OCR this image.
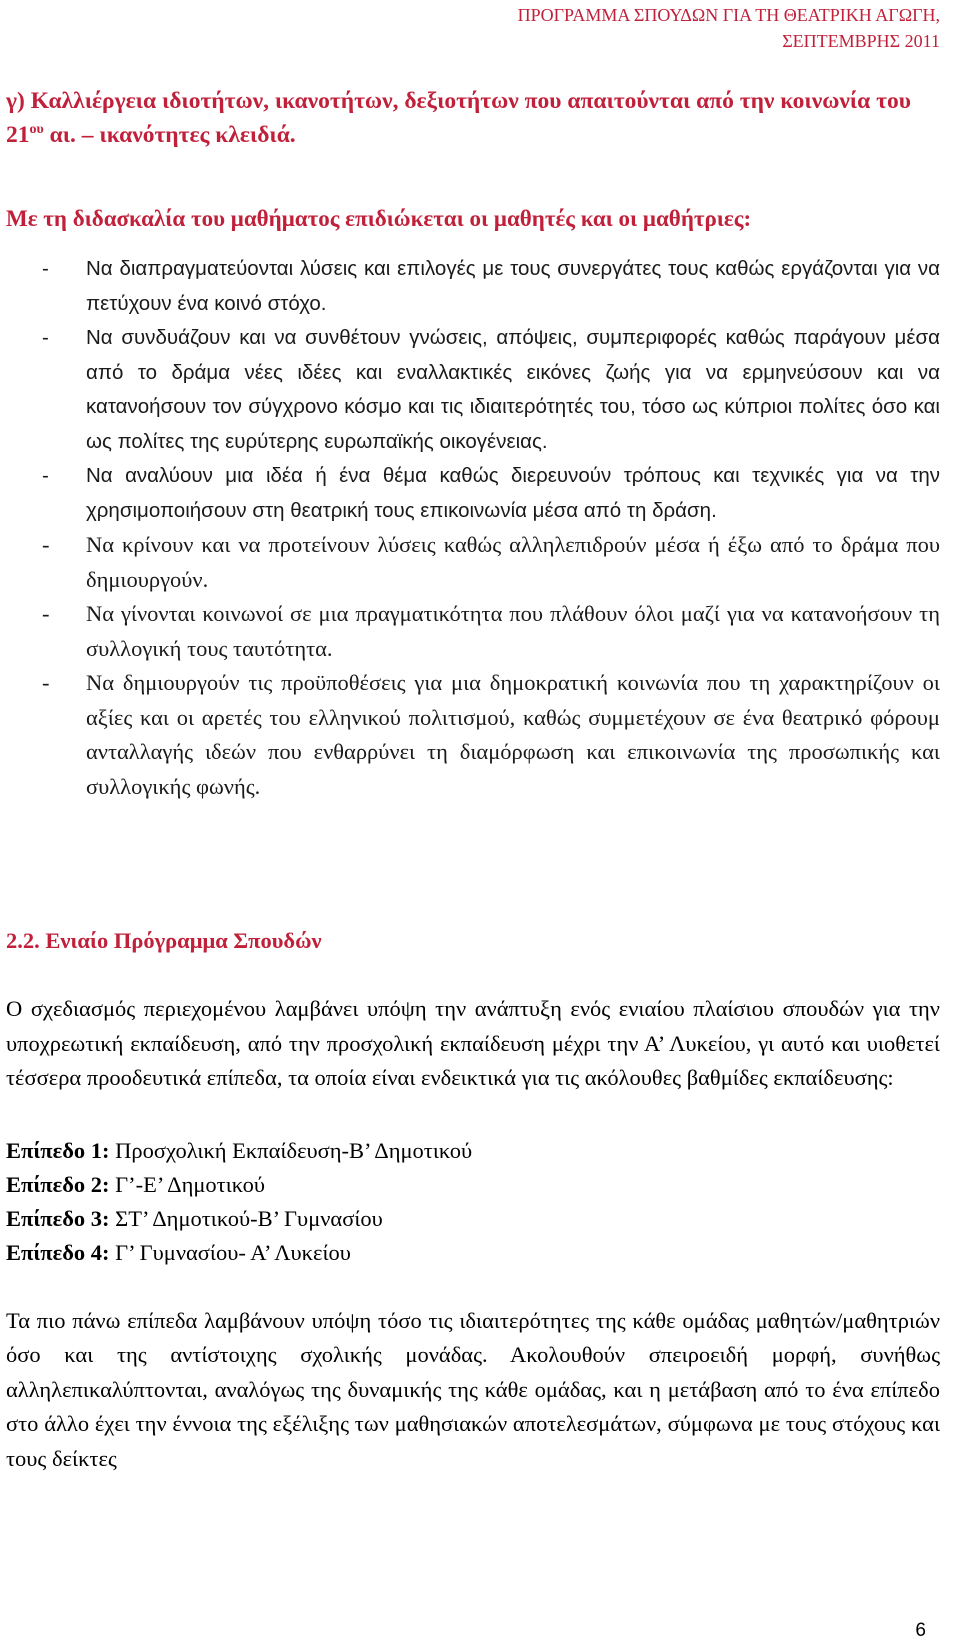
ΠΡΟΓΡΑΜΜΑ ΣΠΟΥΔΩΝ ΓΙΑ ΤΗ ΘΕΑΤΡΙΚΗ ΑΓΩΓΗ,
ΣΕΠΤΕΜΒΡΗΣ 2011

γ) Καλλιέργεια ιδιοτήτων, ικανοτήτων, δεξιοτήτων που απαιτούνται από την κοινωνία του $21^{o\upsilon}$ αι. – ικανότητες κλειδιά.

Με τη διδασκαλία του μαθήματος επιδιώκεται οι μαθητές και οι μαθήτριες:

- Να διαπραγματεύονται λύσεις και επιλογές με τους συνεργάτες τους καθώς εργάζονται για να πετύχουν ένα κοινό στόχο.
- Να συνδυάζουν και να συνθέτουν γνώσεις, απόψεις, συμπεριφορές καθώς παράγουν μέσα από το δράμα νέες ιδέες και εναλλακτικές εικόνες ζωής για να ερμηνεύσουν και να κατανοήσουν τον σύγχρονο κόσμο και τις ιδιαιτερότητές του, τόσο ως κύπριοι πολίτες όσο και ως πολίτες της ευρύτερης ευρωπαϊκής οικογένειας.
- Να αναλύουν μια ιδέα ή ένα θέμα καθώς διερευνούν τρόπους και τεχνικές για να την χρησιμοποιήσουν στη θεατρική τους επικοινωνία μέσα από τη δράση.
- Να κρίνουν και να προτείνουν λύσεις καθώς αλληλεπιδρούν μέσα ή έξω από το δράμα που δημιουργούν.
- Να γίνονται κοινωνοί σε μια πραγματικότητα που πλάθουν όλοι μαζί για να κατανοήσουν τη συλλογική τους ταυτότητα.
- Να δημιουργούν τις προϋποθέσεις για μια δημοκρατική κοινωνία που τη χαρακτηρίζουν οι αξίες και οι αρετές του ελληνικού πολιτισμού, καθώς συμμετέχουν σε ένα θεατρικό φόρουμ ανταλλαγής ιδεών που ενθαρρύνει τη διαμόρφωση και επικοινωνία της προσωπικής και συλλογικής φωνής.

2.2. Ενιαίο Πρόγραμμα Σπουδών

Ο σχεδιασμός περιεχομένου λαμβάνει υπόψη την ανάπτυξη ενός ενιαίου πλαίσιου σπουδών για την υποχρεωτική εκπαίδευση, από την προσχολική εκπαίδευση μέχρι την Α’ Λυκείου, γι αυτό και υιοθετεί τέσσερα προοδευτικά επίπεδα, τα οποία είναι ενδεικτικά για τις ακόλουθες βαθμίδες εκπαίδευσης:

Επίπεδο 1: Προσχολική Εκπαίδευση-Β’ Δημοτικού
Επίπεδο 2: Γ’-Ε’ Δημοτικού
Επίπεδο 3: ΣΤ’ Δημοτικού-Β’ Γυμνασίου
Επίπεδο 4: Γ’ Γυμνασίου- Α’ Λυκείου

Τα πιο πάνω επίπεδα λαμβάνουν υπόψη τόσο τις ιδιαιτερότητες της κάθε ομάδας μαθητών/μαθητριών όσο και της αντίστοιχης σχολικής μονάδας. Ακολουθούν σπειροειδή μορφή, συνήθως αλληλεπικαλύπτονται, αναλόγως της δυναμικής της κάθε ομάδας, και η μετάβαση από το ένα επίπεδο στο άλλο έχει την έννοια της εξέλιξης των μαθησιακών αποτελεσμάτων, σύμφωνα με τους στόχους και τους δείκτες

6
